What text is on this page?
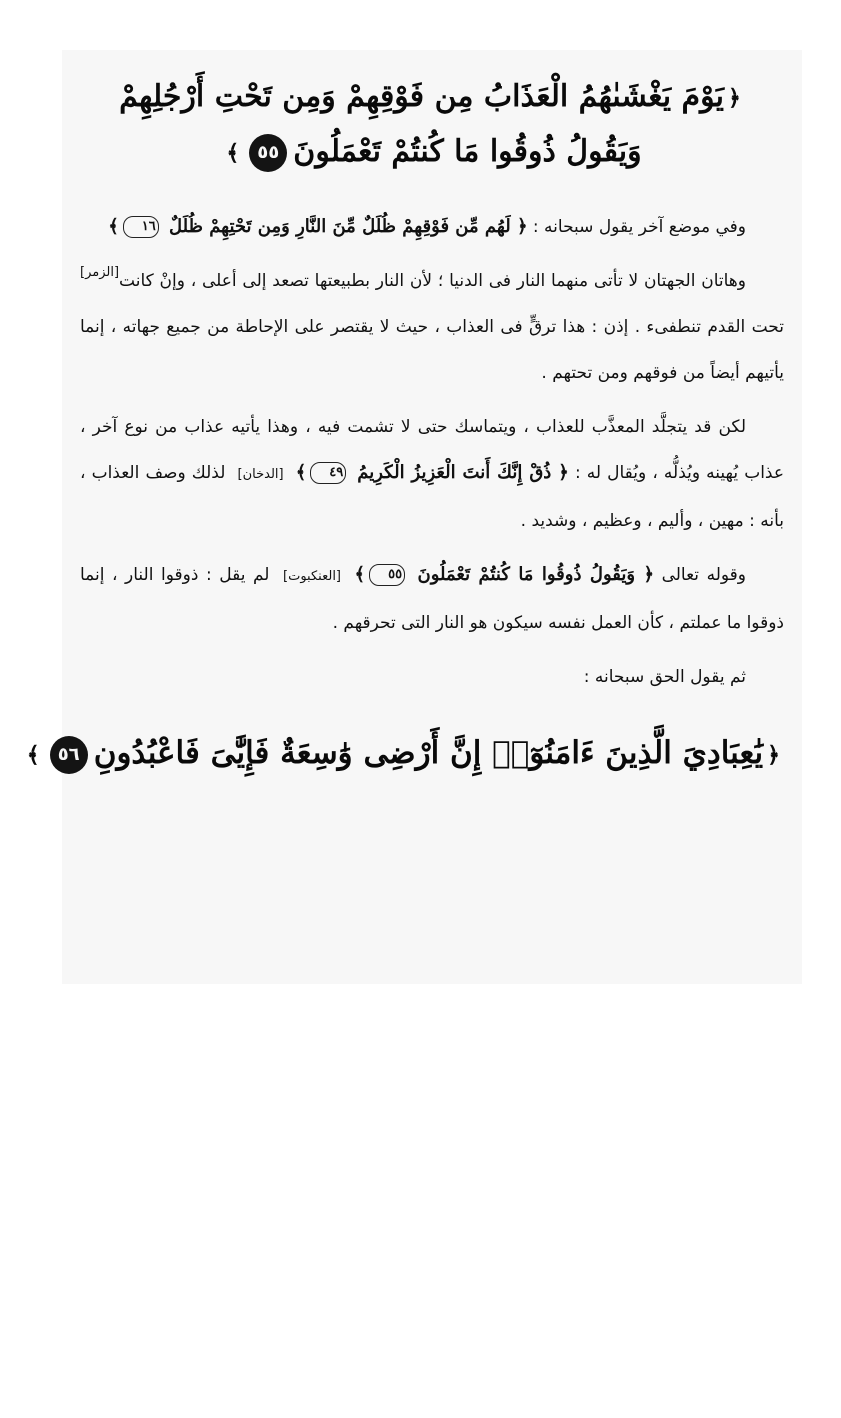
﴿يَوْمَ يَغْشَىٰهُمُ الْعَذَابُ مِن فَوْقِهِمْ وَمِن تَحْتِ أَرْجُلِهِمْ
وَيَقُولُ ذُوقُوا مَا كُنتُمْ تَعْمَلُونَ٥٥﴾

وفي موضع آخر يقول سبحانه : ﴿ لَهُم مِّن فَوْقِهِمْ ظُلَلٌ مِّنَ النَّارِ وَمِن تَحْتِهِمْ ظُلَلٌ ١٦﴾
[الزمر] وهاتان الجهتان لا تأتى منهما النار فى الدنيا ؛ لأن النار بطبيعتها تصعد إلى أعلى ، وإنْ كانت تحت القدم تنطفىء . إذن : هذا ترقٍّ فى العذاب ، حيث لا يقتصر على الإحاطة من جميع جهاته ، إنما يأتيهم أيضاً من فوقهم ومن تحتهم .

لكن قد يتجلَّد المعذَّب للعذاب ، ويتماسك حتى لا تشمت فيه ، وهذا يأتيه عذاب من نوع آخر ، عذاب يُهينه ويُذلُّه ، ويُقال له : ﴿ ذُقْ إِنَّكَ أَنتَ الْعَزِيزُ الْكَرِيمُ ٤٩﴾ [الدخان] لذلك وصف العذاب ، بأنه : مهين ، وأليم ، وعظيم ، وشديد .

وقوله تعالى ﴿ وَيَقُولُ ذُوقُوا مَا كُنتُمْ تَعْمَلُونَ ٥٥﴾ [العنكبوت] لم يقل : ذوقوا النار ، إنما ذوقوا ما عملتم ، كأن العمل نفسه سيكون هو النار التى تحرقهم .

ثم يقول الحق سبحانه :

﴿يَٰعِبَادِيَ الَّذِينَ ءَامَنُوٓا۟ إِنَّ أَرْضِى وَٰسِعَةٌ فَإِيَّٰىَ فَاعْبُدُونِ٥٦﴾
